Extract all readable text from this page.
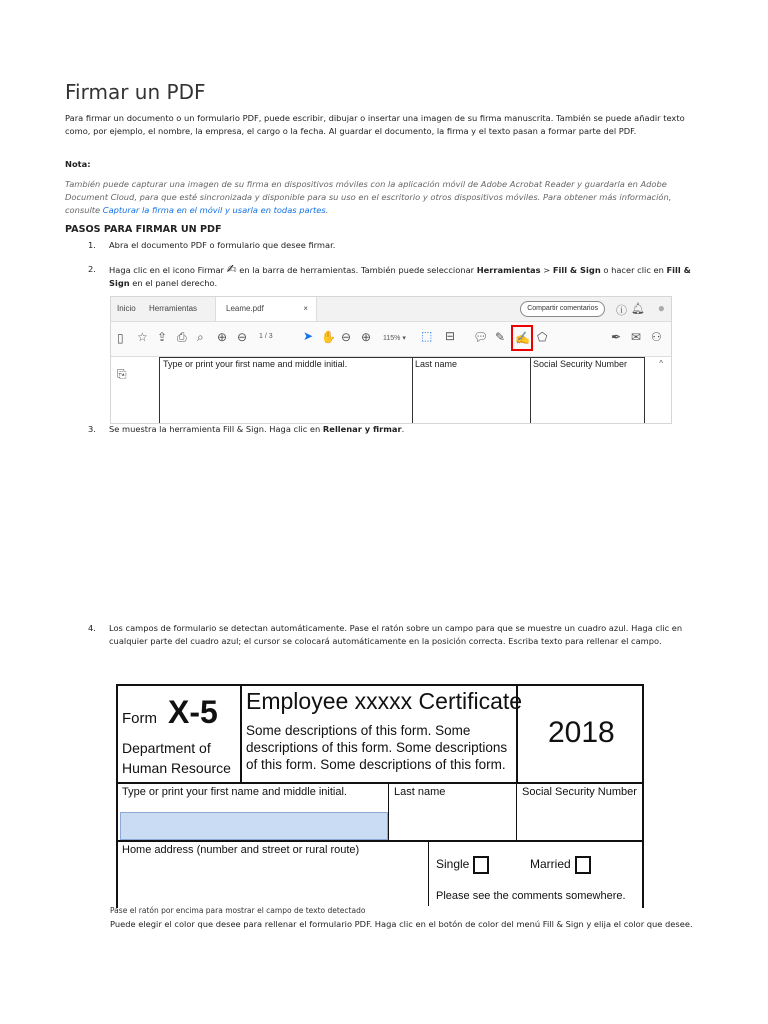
Firmar un PDF
Para firmar un documento o un formulario PDF, puede escribir, dibujar o insertar una imagen de su firma manuscrita. También se puede añadir texto como, por ejemplo, el nombre, la empresa, el cargo o la fecha. Al guardar el documento, la firma y el texto pasan a formar parte del PDF.
Nota:
También puede capturar una imagen de su firma en dispositivos móviles con la aplicación móvil de Adobe Acrobat Reader y guardarla en Adobe Document Cloud, para que esté sincronizada y disponible para su uso en el escritorio y otros dispositivos móviles. Para obtener más información, consulte Capturar la firma en el móvil y usarla en todas partes.
PASOS PARA FIRMAR UN PDF
1.	Abra el documento PDF o formulario que desee firmar.
2.	Haga clic en el icono Firmar ✍ en la barra de herramientas. También puede seleccionar Herramientas > Fill & Sign o hacer clic en Fill & Sign en el panel derecho.
Inicio Herramientas	Leame.pdf	×	Compartir comentarios	ⓘ 🔔︎ ●
▯ ☆ ⇪ ⎙ ⌕ ⊕ ⊖ 1 / 3	➤ ✋ ⊖ ⊕ 115% ▾ ⬚ ⊟ 💬︎ ✎ ✍ ⬠	✒ ✉ ⚇
⎘
Type or print your first name and middle initial.	Last name	Social Security Number	^
3.	Se muestra la herramienta Fill & Sign. Haga clic en Rellenar y firmar.
4.	Los campos de formulario se detectan automáticamente. Pase el ratón sobre un campo para que se muestre un cuadro azul. Haga clic en cualquier parte del cuadro azul; el cursor se colocará automáticamente en la posición correcta. Escriba texto para rellenar el campo.
Form X-5
Department of Human Resource
Employee xxxxx Certificate
Some descriptions of this form. Some descriptions of this form. Some descriptions of this form. Some descriptions of this form.
2018
Type or print your first name and middle initial.	Last name	Social Security Number
Home address (number and street or rural route)
Single	Married
Please see the comments somewhere.
Pase el ratón por encima para mostrar el campo de texto detectado
Puede elegir el color que desee para rellenar el formulario PDF. Haga clic en el botón de color del menú Fill & Sign y elija el color que desee.
